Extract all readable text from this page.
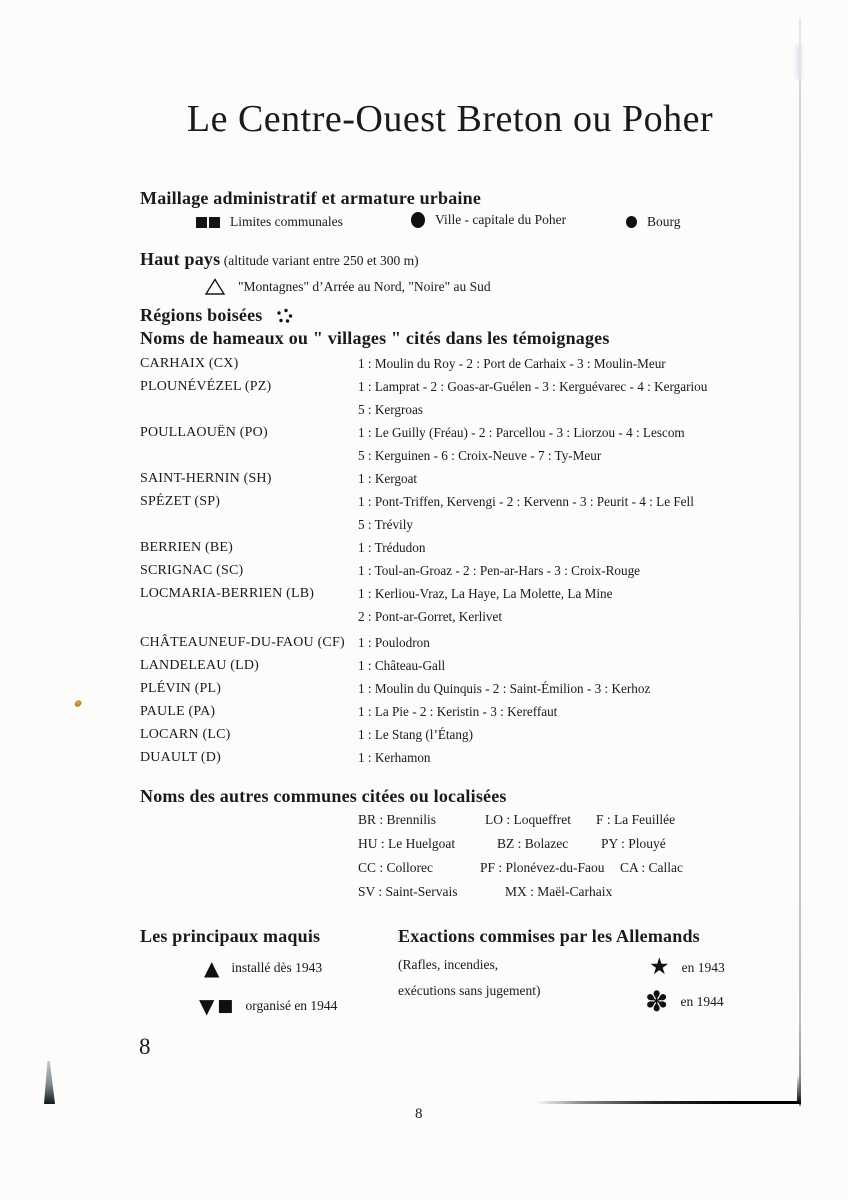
Le Centre-Ouest Breton ou Poher
Maillage administratif et armature urbaine
Limites communales	Ville - capitale du Poher	Bourg
Haut pays (altitude variant entre 250 et 300 m)
"Montagnes" d’Arrée au Nord, "Noire" au Sud
Régions boisées
Noms de hameaux ou " villages " cités dans les témoignages
CARHAIX (CX)	1 : Moulin du Roy - 2 : Port de Carhaix - 3 : Moulin-Meur
PLOUNÉVÉZEL (PZ)	1 : Lamprat - 2 : Goas-ar-Guélen - 3 : Kerguévarec - 4 : Kergariou
5 : Kergroas
POULLAOUËN (PO)	1 : Le Guilly (Fréau) - 2 : Parcellou - 3 : Liorzou - 4 : Lescom
5 : Kerguinen - 6 : Croix-Neuve - 7 : Ty-Meur
SAINT-HERNIN (SH)	1 : Kergoat
SPÉZET (SP)	1 : Pont-Triffen, Kervengi - 2 : Kervenn - 3 : Peurit - 4 : Le Fell
5 : Trévily
BERRIEN (BE)	1 : Trédudon
SCRIGNAC (SC)	1 : Toul-an-Groaz - 2 : Pen-ar-Hars - 3 : Croix-Rouge
LOCMARIA-BERRIEN (LB)	1 : Kerliou-Vraz, La Haye, La Molette, La Mine
2 : Pont-ar-Gorret, Kerlivet
CHÂTEAUNEUF-DU-FAOU (CF) 1 : Poulodron
LANDELEAU (LD)	1 : Château-Gall
PLÉVIN (PL)	1 : Moulin du Quinquis - 2 : Saint-Émilion - 3 : Kerhoz
PAULE (PA)	1 : La Pie - 2 : Keristin - 3 : Kereffaut
LOCARN (LC)	1 : Le Stang (l’Étang)
DUAULT (D)	1 : Kerhamon
Noms des autres communes citées ou localisées
BR : Brennilis	LO : Loqueffret F : La Feuillée
HU : Le Huelgoat	BZ : Bolazec PY : Plouyé
CC : Collorec	PF : Plonévez-du-Faou CA : Callac
SV : Saint-Servais	MX : Maël-Carhaix
Les principaux maquis
▲ installé dès 1943
▼ ■ organisé en 1944
Exactions commises par les Allemands
(Rafles, incendies,
exécutions sans jugement)
★ en 1943
✽ en 1944
8
8
